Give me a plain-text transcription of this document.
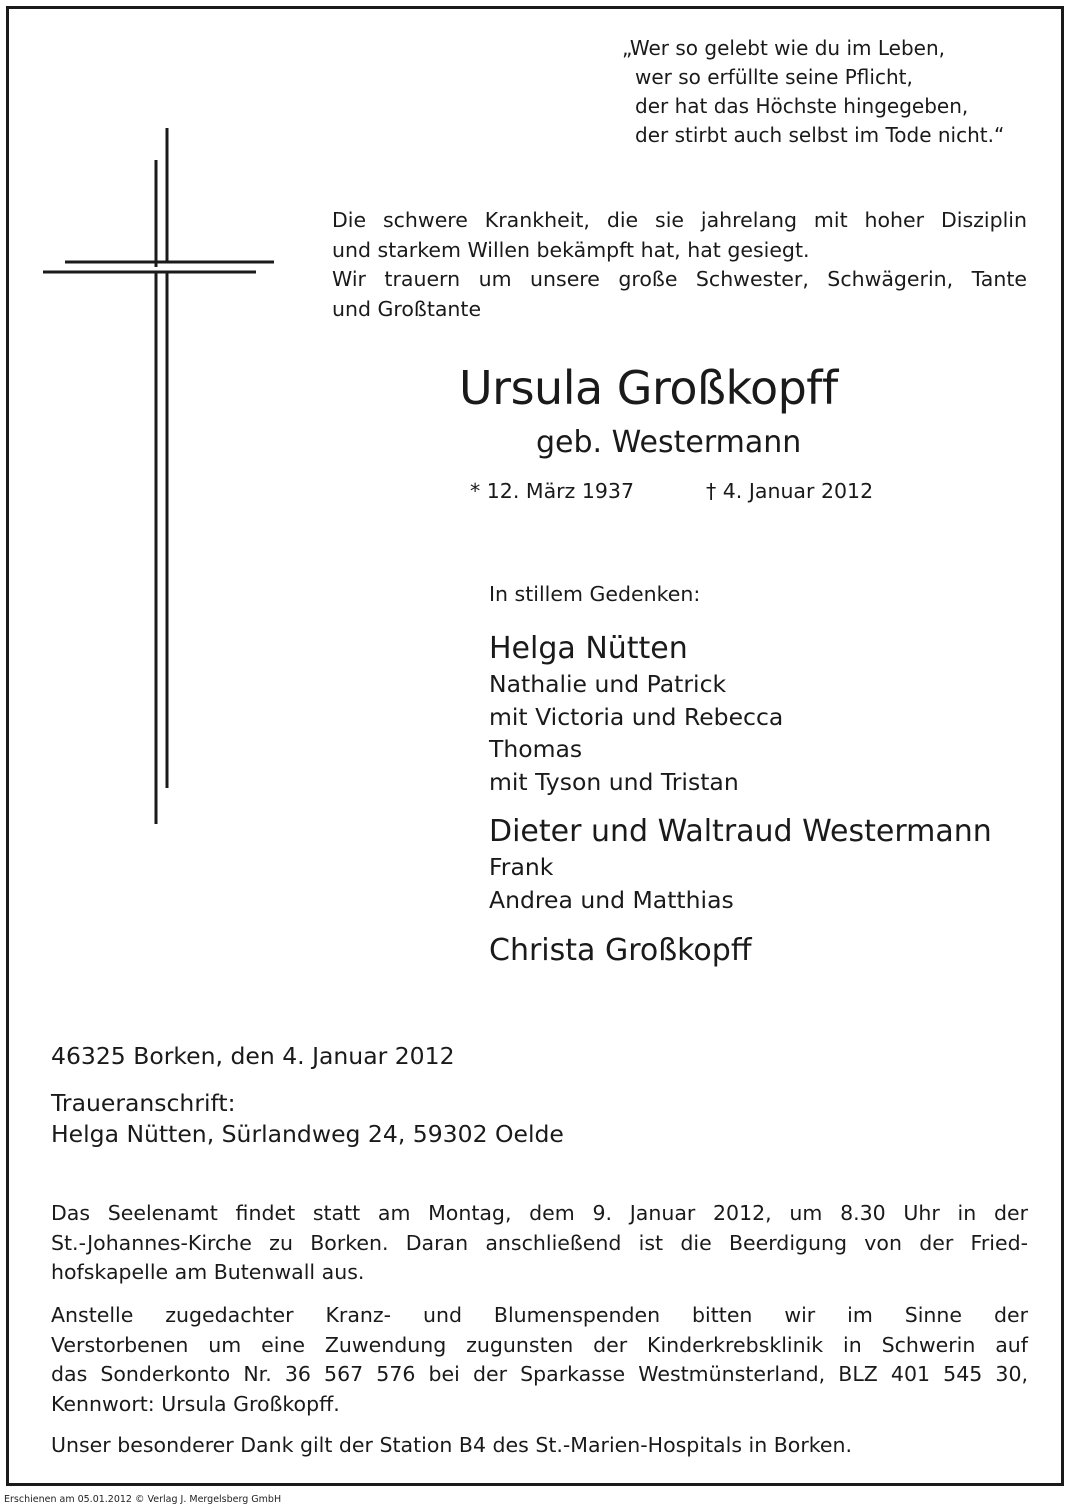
„Wer so gelebt wie du im Leben,
wer so erfüllte seine Pflicht,
der hat das Höchste hingegeben,
der stirbt auch selbst im Tode nicht.“
Die schwere Krankheit, die sie jahrelang mit hoher Disziplin
und starkem Willen bekämpft hat, hat gesiegt.
Wir trauern um unsere große Schwester, Schwägerin, Tante
und Großtante
Ursula Großkopff
geb. Westermann
* 12. März 1937	† 4. Januar 2012
In stillem Gedenken:
Helga Nütten
Nathalie und Patrick
mit Victoria und Rebecca
Thomas
mit Tyson und Tristan
Dieter und Waltraud Westermann
Frank
Andrea und Matthias
Christa Großkopff
46325 Borken, den 4. Januar 2012
Traueranschrift:
Helga Nütten, Sürlandweg 24, 59302 Oelde
Das Seelenamt findet statt am Montag, dem 9. Januar 2012, um 8.30 Uhr in der
St.-Johannes-Kirche zu Borken. Daran anschließend ist die Beerdigung von der Fried-
hofskapelle am Butenwall aus.
Anstelle zugedachter Kranz- und Blumenspenden bitten wir im Sinne der
Verstorbenen um eine Zuwendung zugunsten der Kinderkrebsklinik in Schwerin auf
das Sonderkonto Nr. 36 567 576 bei der Sparkasse Westmünsterland, BLZ 401 545 30,
Kennwort: Ursula Großkopff.
Unser besonderer Dank gilt der Station B4 des St.-Marien-Hospitals in Borken.
Erschienen am 05.01.2012 © Verlag J. Mergelsberg GmbH
